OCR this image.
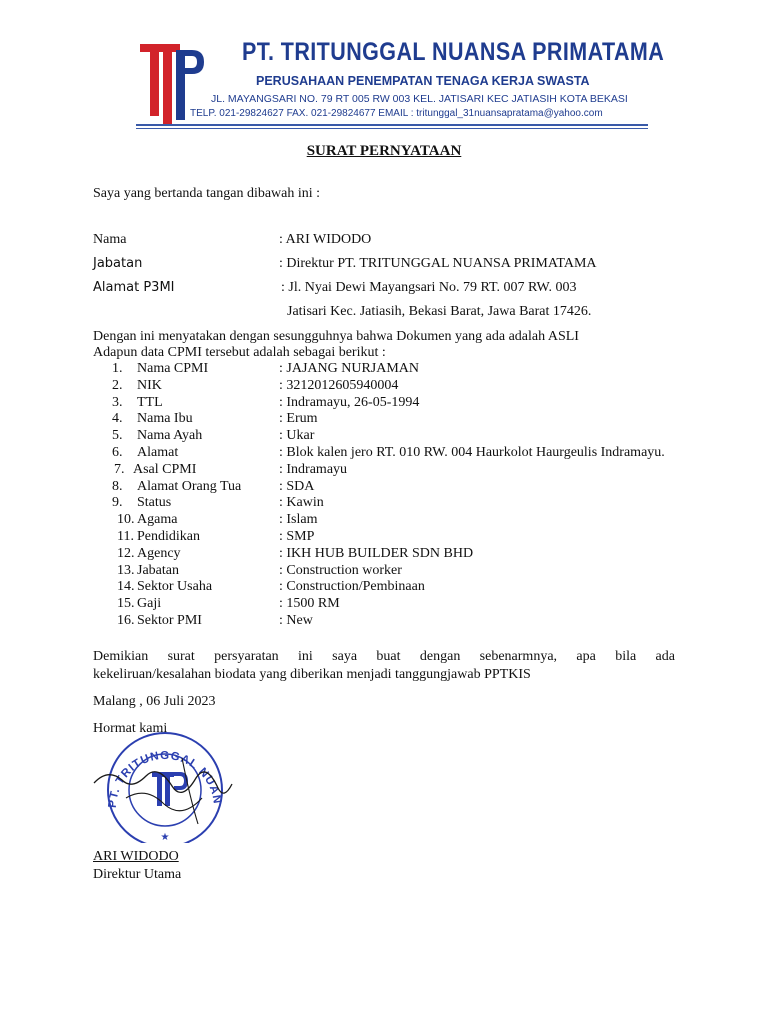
PT. TRITUNGGAL NUANSA PRIMATAMA
PERUSAHAAN PENEMPATAN TENAGA KERJA SWASTA
JL. MAYANGSARI NO. 79 RT 005 RW 003 KEL. JATISARI KEC JATIASIH KOTA BEKASI
TELP. 021-29824627 FAX. 021-29824677 EMAIL : tritunggal_31nuansapratama@yahoo.com
SURAT PERNYATAAN
Saya yang bertanda tangan dibawah ini :
Nama	: ARI WIDODO
Jabatan	: Direktur PT. TRITUNGGAL NUANSA PRIMATAMA
Alamat P3MI	: Jl. Nyai Dewi Mayangsari No. 79 RT. 007 RW. 003
Jatisari Kec. Jatiasih, Bekasi Barat, Jawa Barat 17426.
Dengan ini menyatakan dengan sesungguhnya bahwa Dokumen yang ada adalah ASLI
Adapun data CPMI tersebut adalah sebagai berikut :
1. Nama CPMI	: JAJANG NURJAMAN
2. NIK	: 3212012605940004
3. TTL	: Indramayu, 26-05-1994
4. Nama Ibu	: Erum
5. Nama Ayah	: Ukar
6. Alamat	: Blok kalen jero RT. 010 RW. 004 Haurkolot Haurgeulis Indramayu.
7. Asal CPMI	: Indramayu
8. Alamat Orang Tua	: SDA
9. Status	: Kawin
10. Agama	: Islam
11. Pendidikan	: SMP
12. Agency	: IKH HUB BUILDER SDN BHD
13. Jabatan	: Construction worker
14. Sektor Usaha	: Construction/Pembinaan
15. Gaji	: 1500 RM
16. Sektor PMI	: New
Demikian surat persyaratan ini saya buat dengan sebenarmnya, apa bila ada
kekeliruan/kesalahan biodata yang diberikan menjadi tanggungjawab PPTKIS
Malang , 06 Juli 2023
Hormat kami
PT. TRITUNGGAL NUAN
★
ARI WIDODO
Direktur Utama
